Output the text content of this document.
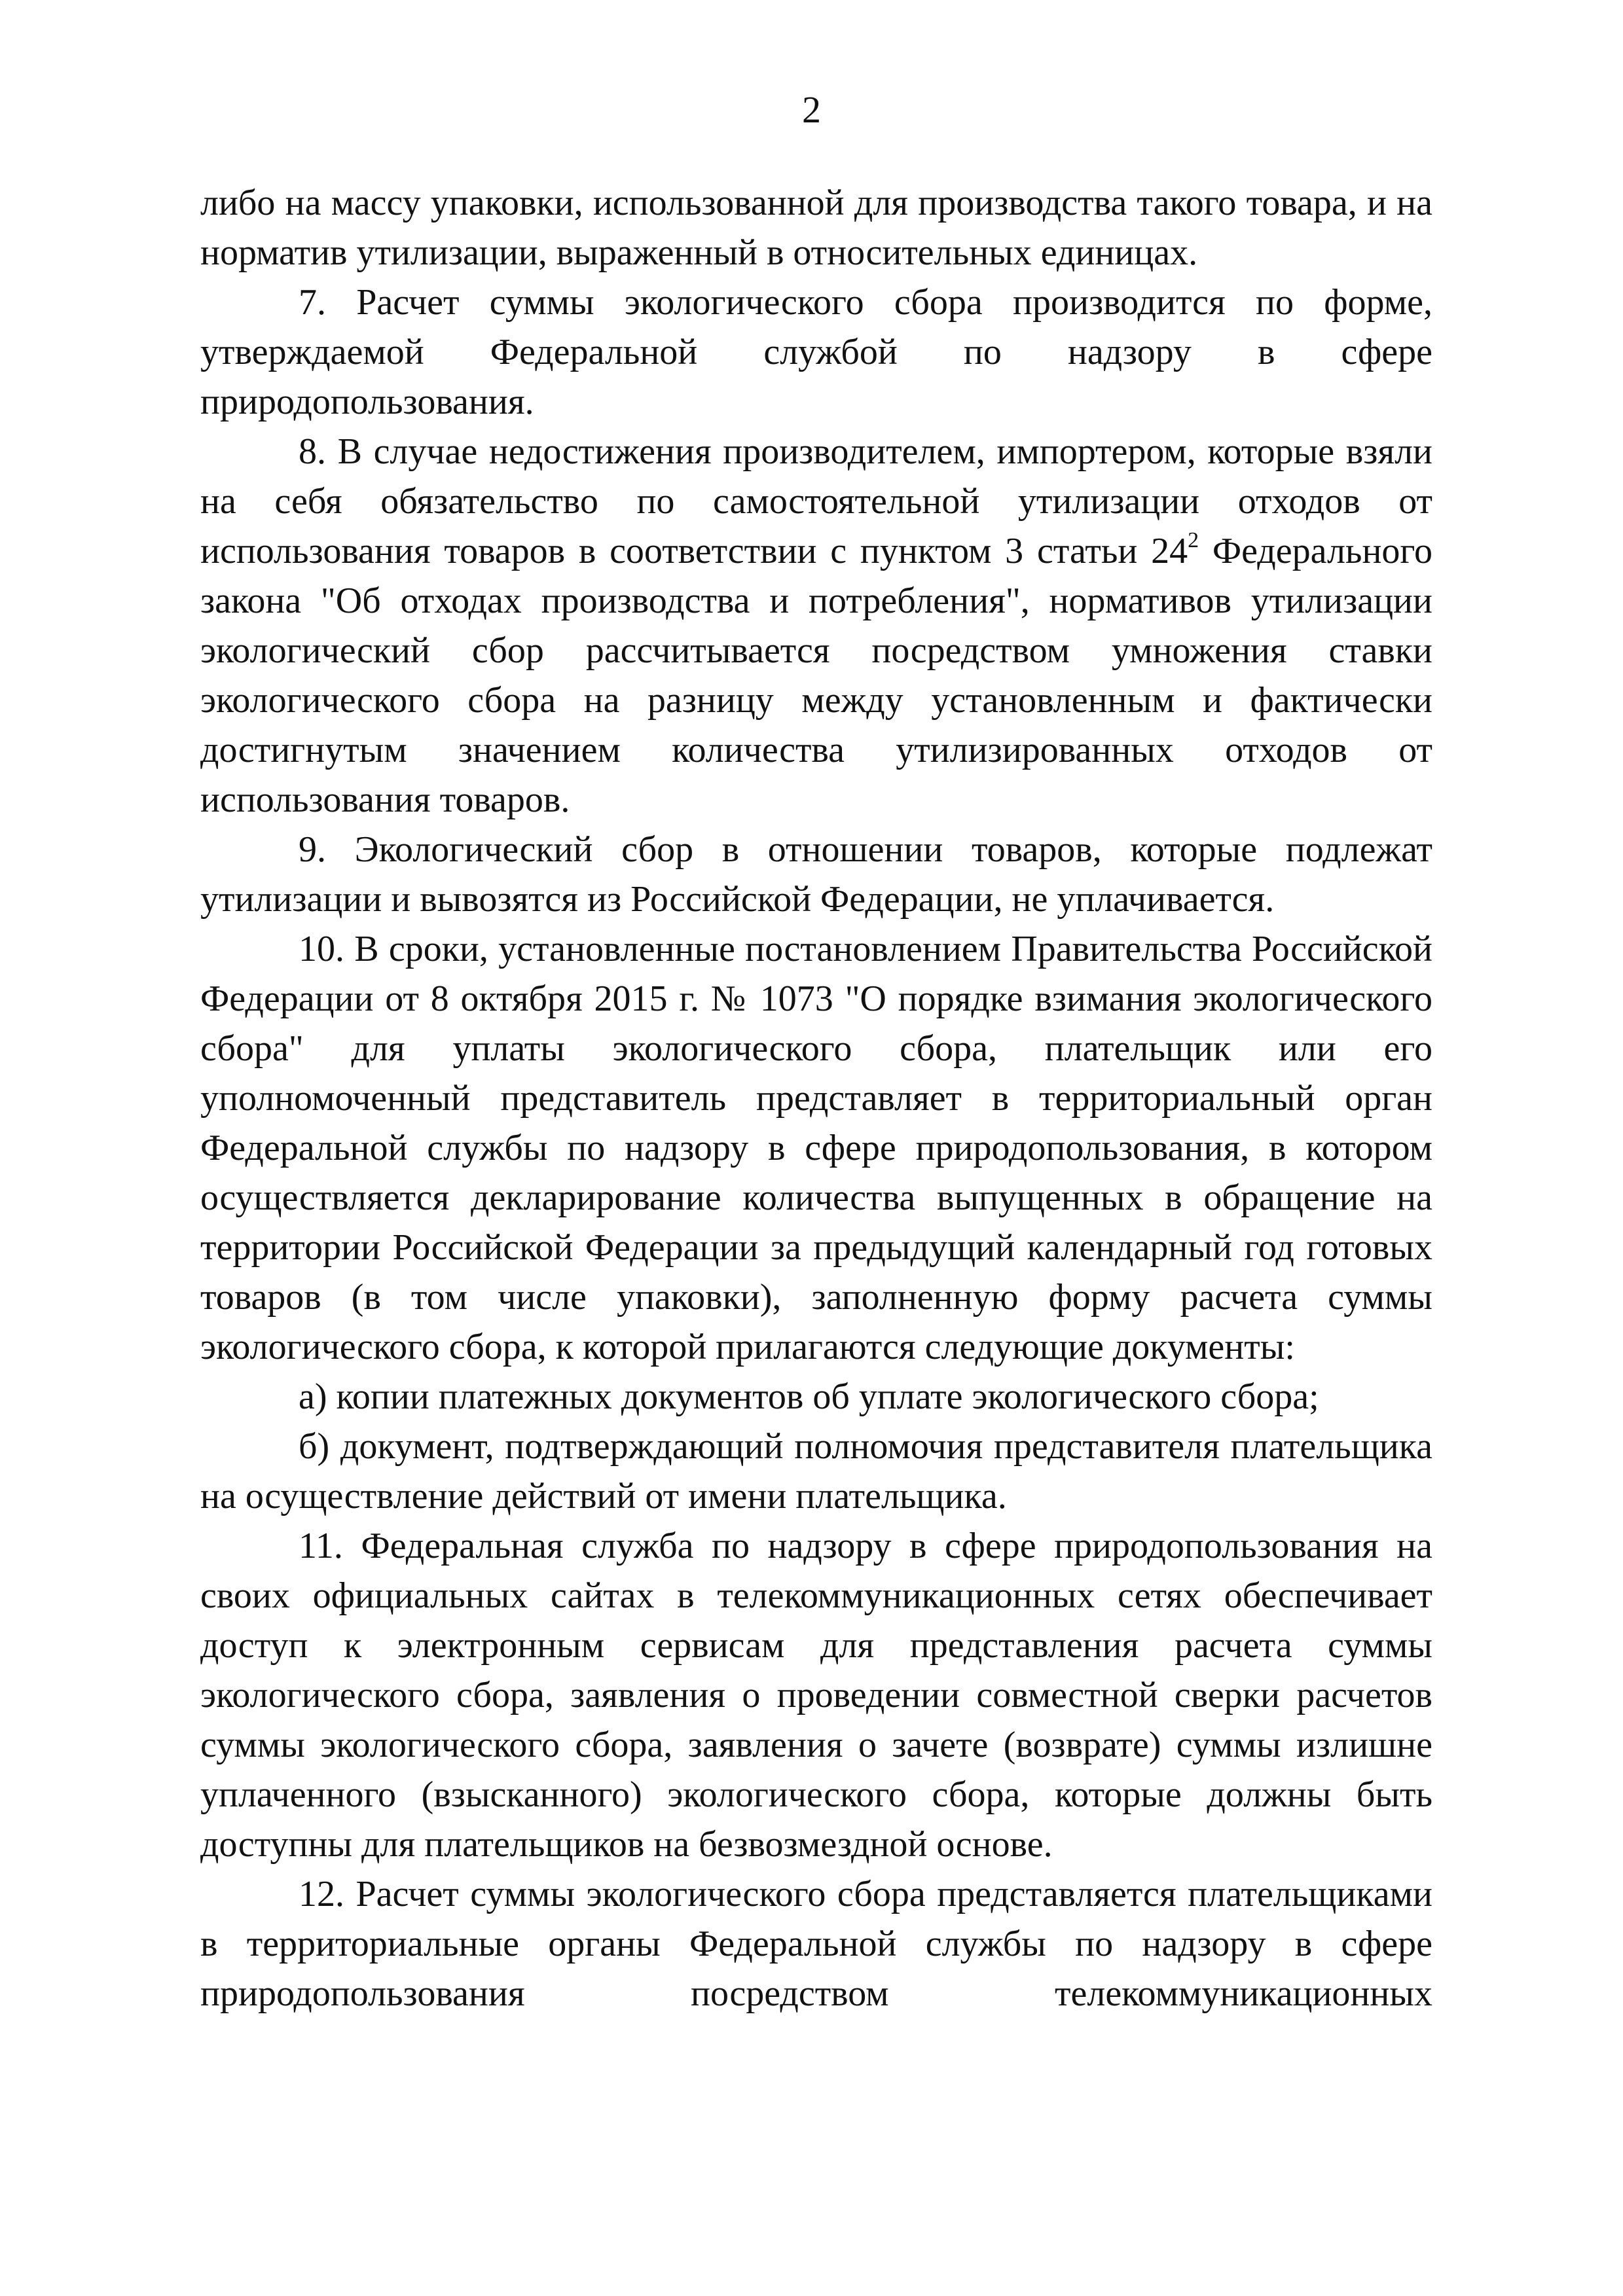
2

либо на массу упаковки, использованной для производства такого товара, и на норматив утилизации, выраженный в относительных единицах.

7. Расчет суммы экологического сбора производится по форме, утверждаемой Федеральной службой по надзору в сфере природопользования.

8. В случае недостижения производителем, импортером, которые взяли на себя обязательство по самостоятельной утилизации отходов от использования товаров в соответствии с пунктом 3 статьи $24^2$ Федерального закона "Об отходах производства и потребления", нормативов утилизации экологический сбор рассчитывается посредством умножения ставки экологического сбора на разницу между установленным и фактически достигнутым значением количества утилизированных отходов от использования товаров.

9. Экологический сбор в отношении товаров, которые подлежат утилизации и вывозятся из Российской Федерации, не уплачивается.

10. В сроки, установленные постановлением Правительства Российской Федерации от 8 октября 2015 г. № 1073 "О порядке взимания экологического сбора" для уплаты экологического сбора, плательщик или его уполномоченный представитель представляет в территориальный орган Федеральной службы по надзору в сфере природопользования, в котором осуществляется декларирование количества выпущенных в обращение на территории Российской Федерации за предыдущий календарный год готовых товаров (в том числе упаковки), заполненную форму расчета суммы экологического сбора, к которой прилагаются следующие документы:

а) копии платежных документов об уплате экологического сбора;

б) документ, подтверждающий полномочия представителя плательщика на осуществление действий от имени плательщика.

11. Федеральная служба по надзору в сфере природопользования на своих официальных сайтах в телекоммуникационных сетях обеспечивает доступ к электронным сервисам для представления расчета суммы экологического сбора, заявления о проведении совместной сверки расчетов суммы экологического сбора, заявления о зачете (возврате) суммы излишне уплаченного (взысканного) экологического сбора, которые должны быть доступны для плательщиков на безвозмездной основе.

12. Расчет суммы экологического сбора представляется плательщиками в территориальные органы Федеральной службы по надзору в сфере природопользования посредством телекоммуникационных
